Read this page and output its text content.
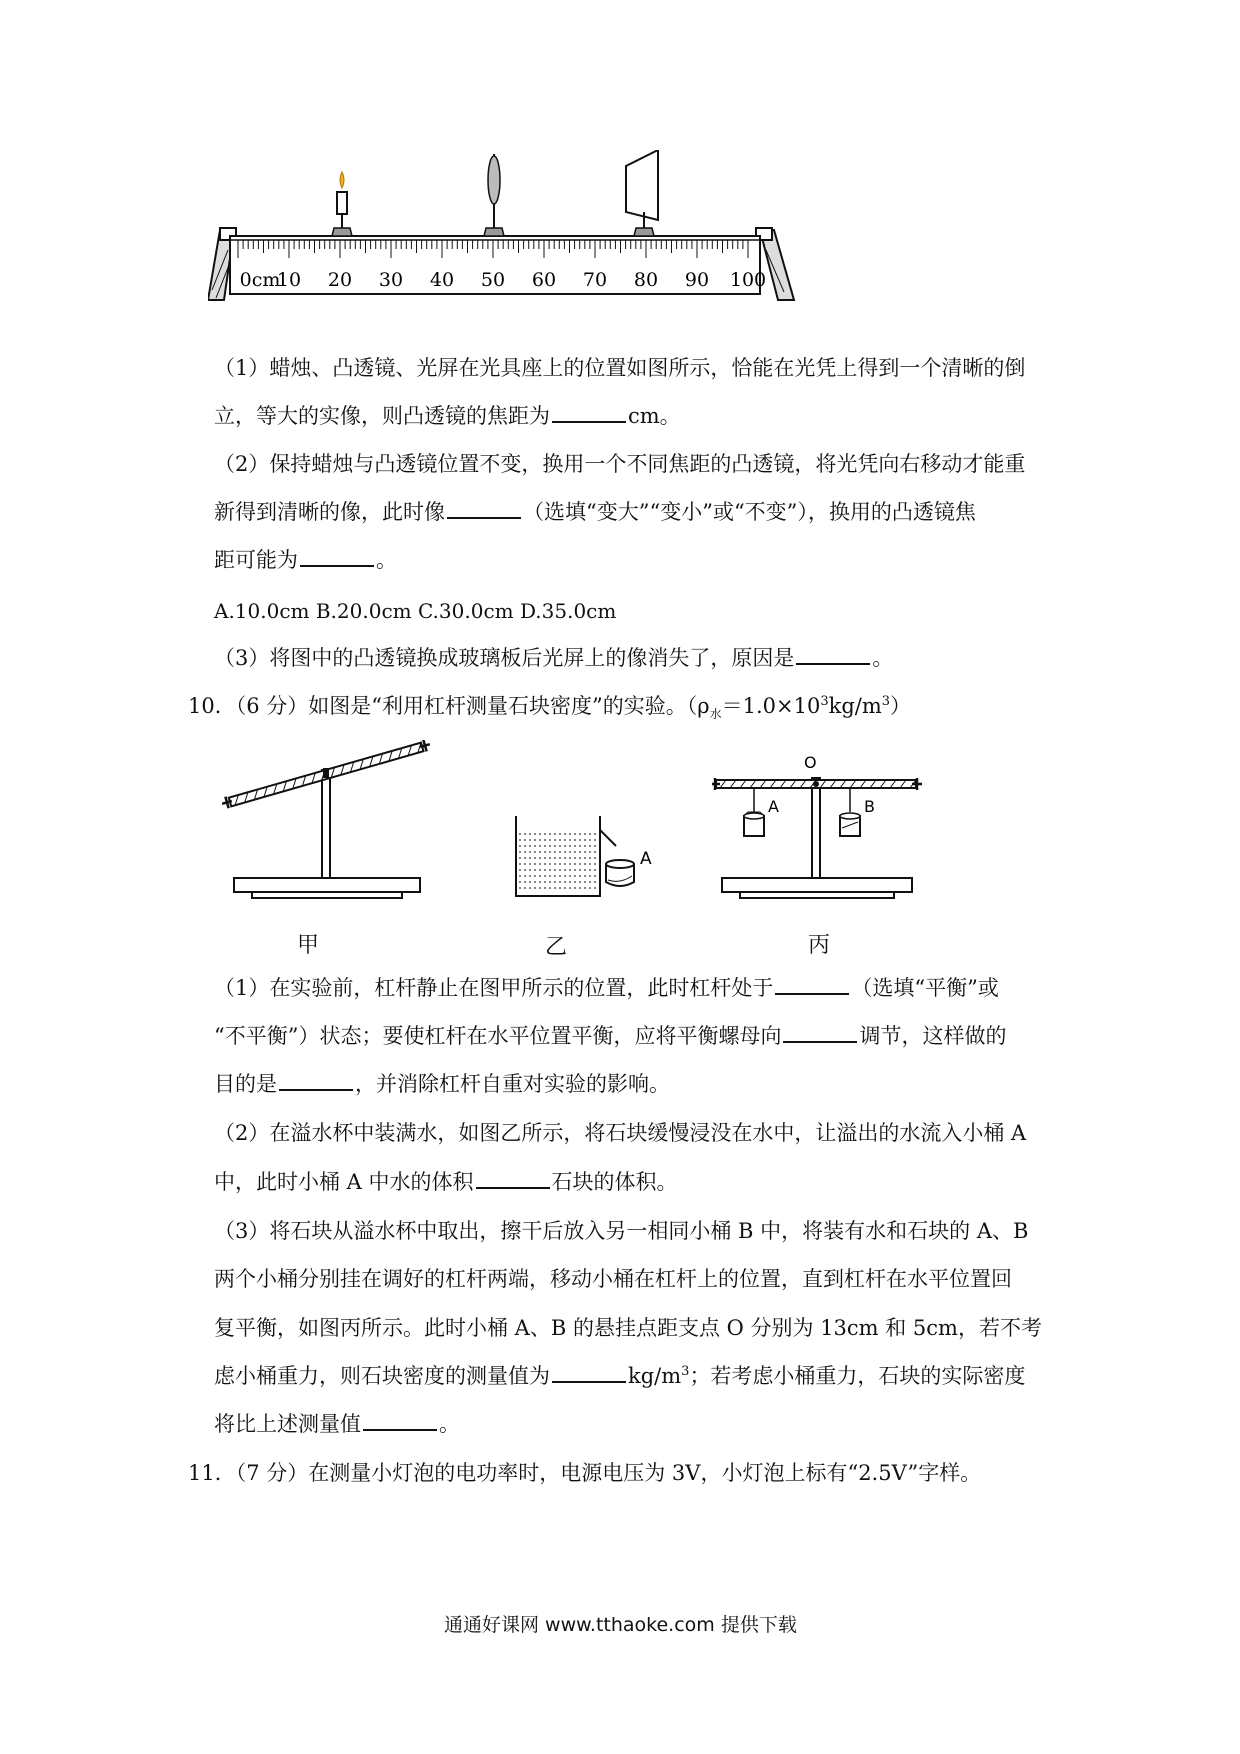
0cm
10 20 30 40 50 60 70 80 90 100
（1）蜡烛、凸透镜、光屏在光具座上的位置如图所示，恰能在光凭上得到一个清晰的倒
立，等大的实像，则凸透镜的焦距为	cm。
（2）保持蜡烛与凸透镜位置不变，换用一个不同焦距的凸透镜，将光凭向右移动才能重
新得到清晰的像，此时像	（选填“变大”“变小”或“不变”），换用的凸透镜焦
距可能为	。
A.10.0cm B.20.0cm C.30.0cm D.35.0cm
（3）将图中的凸透镜换成玻璃板后光屏上的像消失了，原因是	。
10．（6 分）如图是“利用杠杆测量石块密度”的实验。$(\rho_水=1.0\times 10^3kg/m^3)$
A
O
A	B
甲	乙	丙
（1）在实验前，杠杆静止在图甲所示的位置，此时杠杆处于	（选填“平衡”或
“不平衡”）状态；要使杠杆在水平位置平衡，应将平衡螺母向	调节，这样做的
目的是	，并消除杠杆自重对实验的影响。
（2）在溢水杯中装满水，如图乙所示，将石块缓慢浸没在水中，让溢出的水流入小桶 A
中，此时小桶 A 中水的体积	石块的体积。
（3）将石块从溢水杯中取出，擦干后放入另一相同小桶 B 中，将装有水和石块的 A、B
两个小桶分别挂在调好的杠杆两端，移动小桶在杠杆上的位置，直到杠杆在水平位置回
复平衡，如图丙所示。此时小桶 A、B 的悬挂点距支点 O 分别为 13cm 和 5cm，若不考
虑小桶重力，则石块密度的测量值为	$kg/m^3$；若考虑小桶重力，石块的实际密度
将比上述测量值	。
11．（7 分）在测量小灯泡的电功率时，电源电压为 3V，小灯泡上标有“2.5V”字样。
通通好课网 www.tthaoke.com 提供下载
